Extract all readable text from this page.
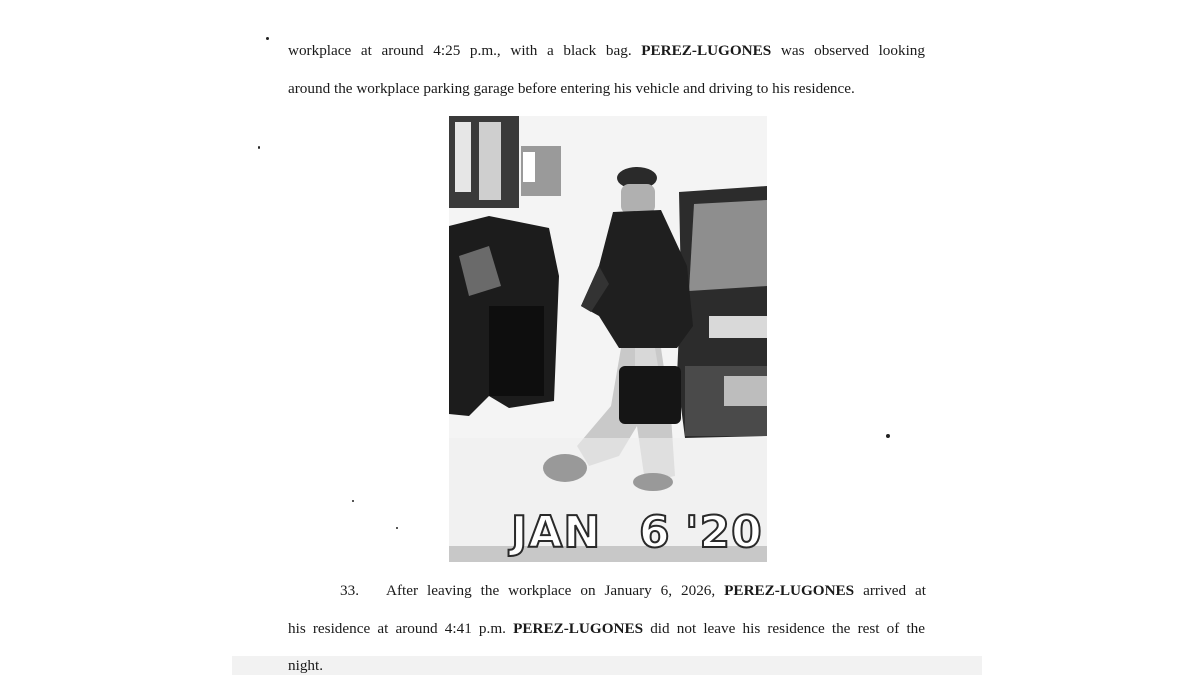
workplace at around 4:25 p.m., with a black bag. PEREZ-LUGONES was observed looking
around the workplace parking garage before entering his vehicle and driving to his residence.
JAN 6 '20
33. After leaving the workplace on January 6, 2026, PEREZ-LUGONES arrived at
his residence at around 4:41 p.m. PEREZ-LUGONES did not leave his residence the rest of the
night.
